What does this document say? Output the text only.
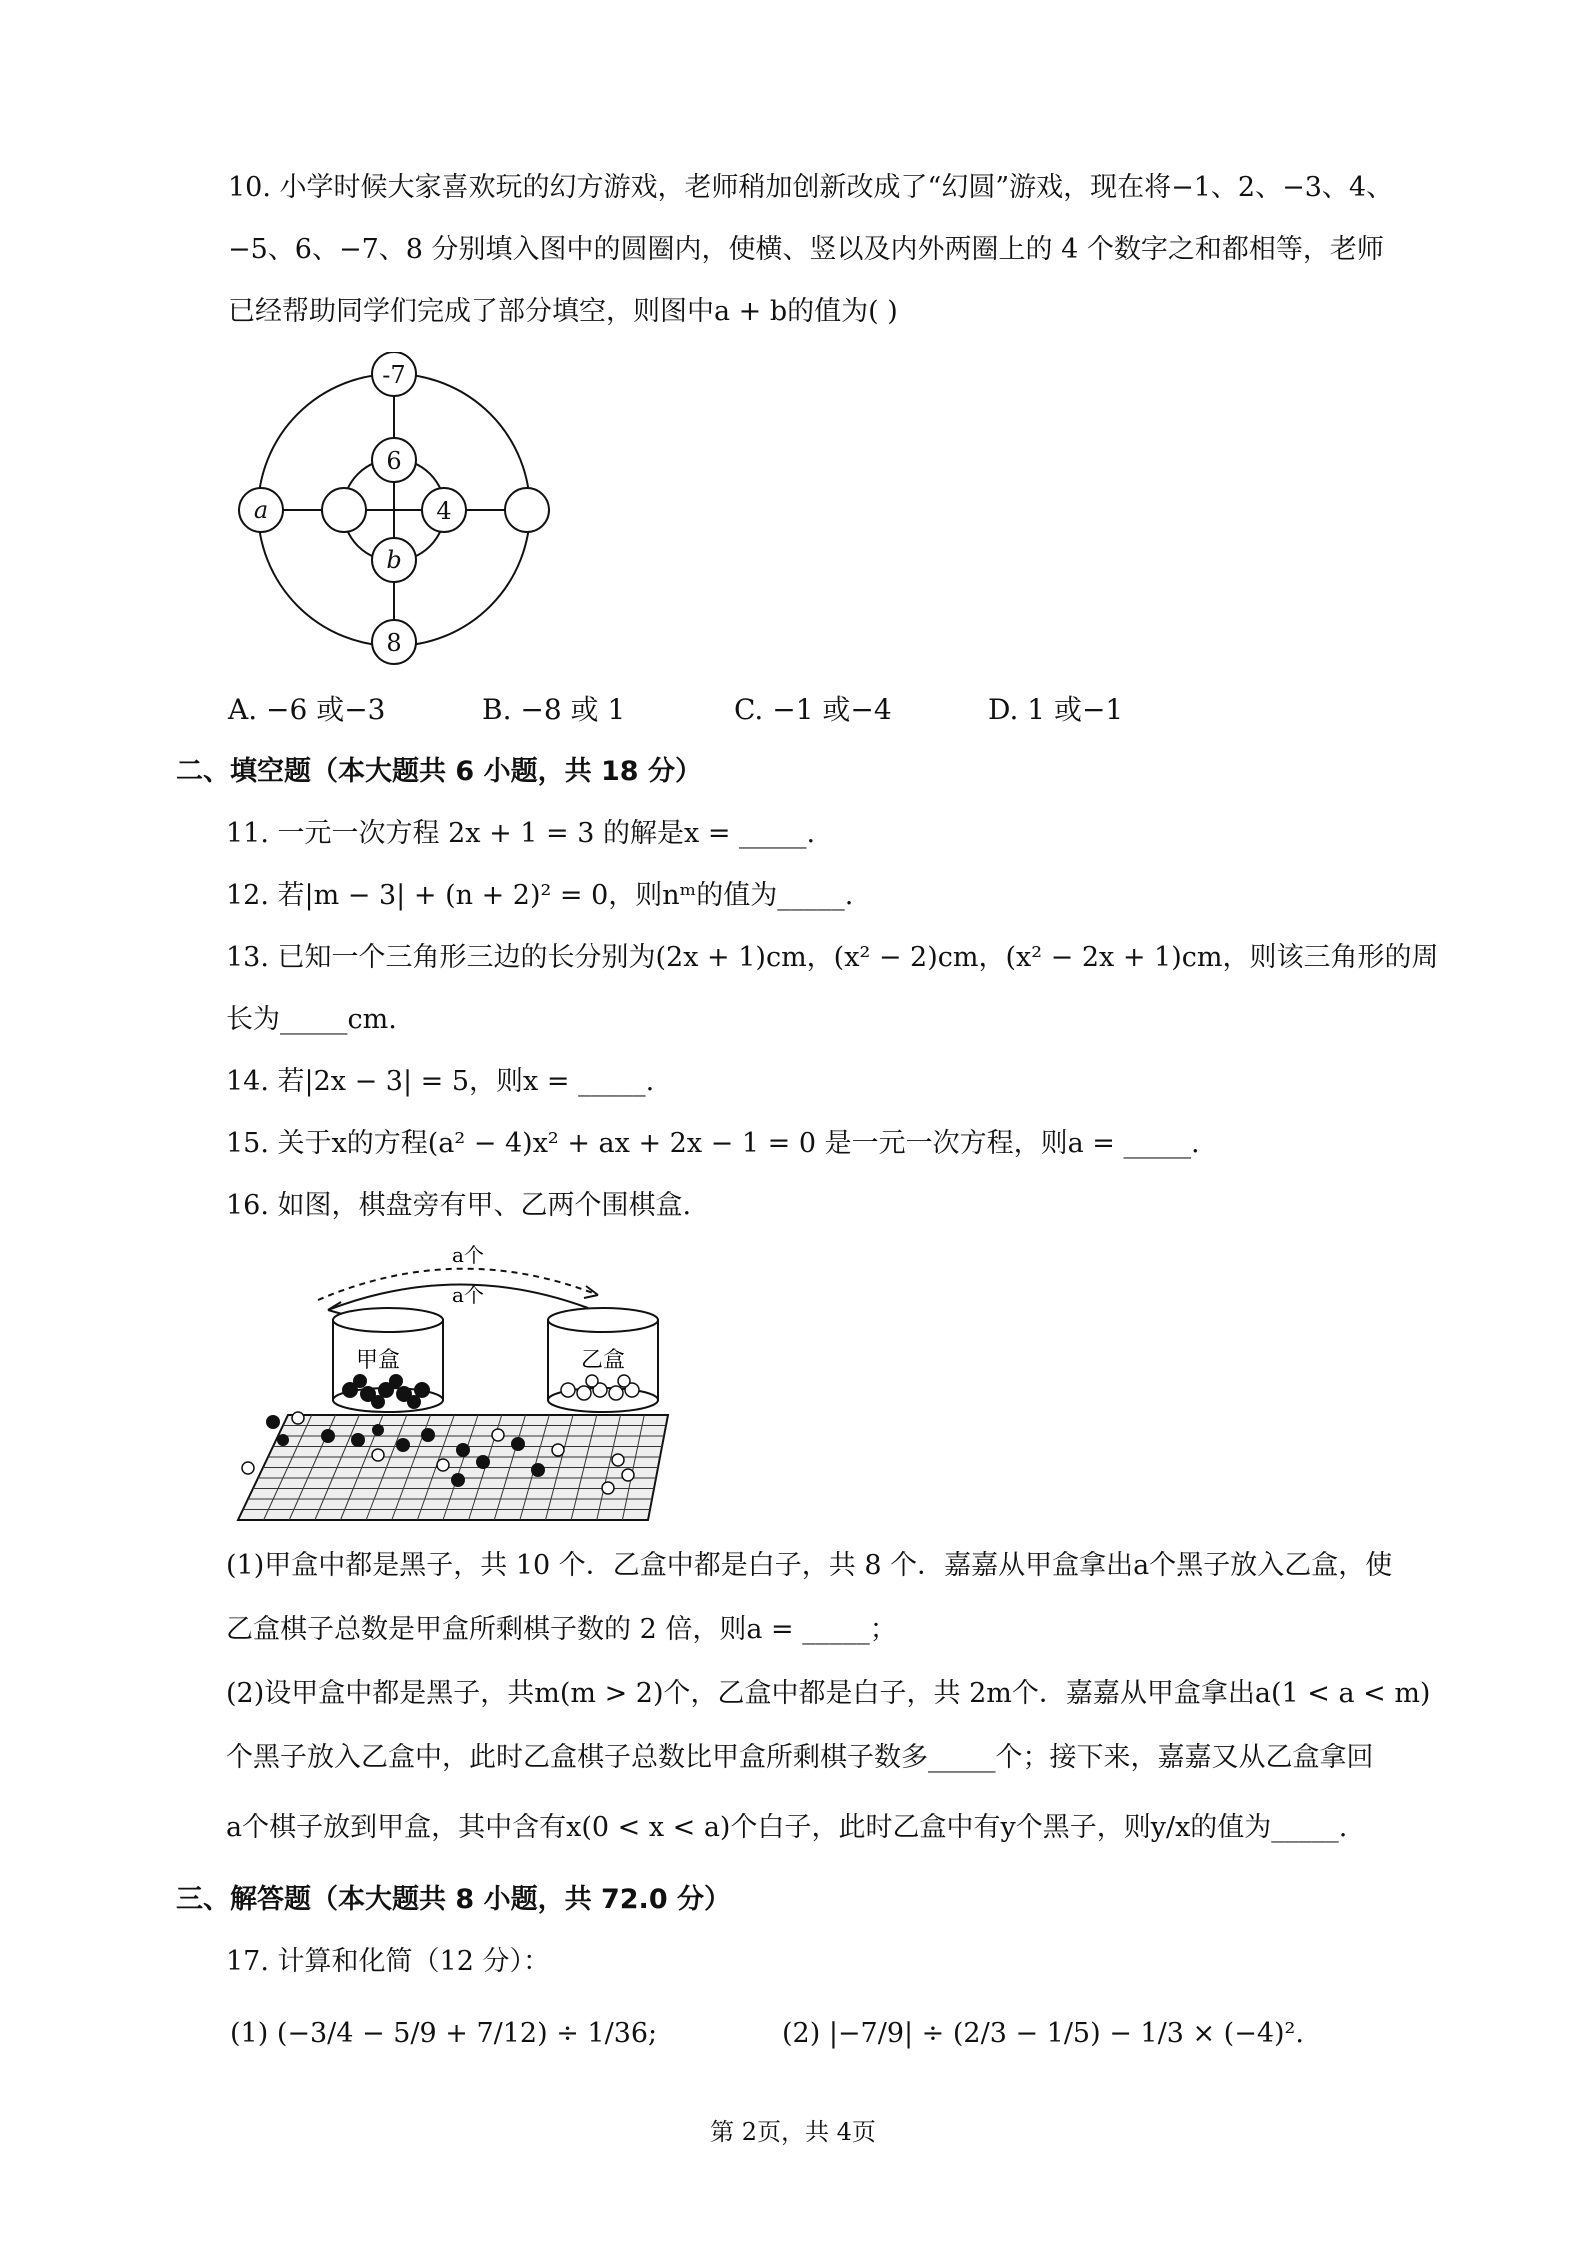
10. 小学时候大家喜欢玩的幻方游戏，老师稍加创新改成了“幻圆”游戏，现在将−1、2、−3、4、
−5、6、−7、8 分别填入图中的圆圈内，使横、竖以及内外两圈上的 4 个数字之和都相等，老师
已经帮助同学们完成了部分填空，则图中a + b的值为( )
-7
6
a	4
b
8
A. −6 或−3	B. −8 或 1	C. −1 或−4	D. 1 或−1
二、填空题（本大题共 6 小题，共 18 分）
11. 一元一次方程 2x + 1 = 3 的解是x = _____.
12. 若|m − 3| + (n + 2)² = 0，则nᵐ的值为_____.
13. 已知一个三角形三边的长分别为(2x + 1)cm，(x² − 2)cm，(x² − 2x + 1)cm，则该三角形的周
长为_____cm.
14. 若|2x − 3| = 5，则x = _____.
15. 关于x的方程(a² − 4)x² + ax + 2x − 1 = 0 是一元一次方程，则a = _____.
16. 如图，棋盘旁有甲、乙两个围棋盒.
a个
a个
甲盒	乙盒
(1)甲盒中都是黑子，共 10 个．乙盒中都是白子，共 8 个．嘉嘉从甲盒拿出a个黑子放入乙盒，使
乙盒棋子总数是甲盒所剩棋子数的 2 倍，则a = _____；
(2)设甲盒中都是黑子，共m(m > 2)个，乙盒中都是白子，共 2m个．嘉嘉从甲盒拿出a(1 < a < m)
个黑子放入乙盒中，此时乙盒棋子总数比甲盒所剩棋子数多_____个；接下来，嘉嘉又从乙盒拿回
a个棋子放到甲盒，其中含有x(0 < x < a)个白子，此时乙盒中有y个黑子，则y/x的值为_____.
三、解答题（本大题共 8 小题，共 72.0 分）
17. 计算和化简（12 分）：
(1) (−3/4 − 5/9 + 7/12) ÷ 1/36;	(2) |−7/9| ÷ (2/3 − 1/5) − 1/3 × (−4)².
第 2页，共 4页
